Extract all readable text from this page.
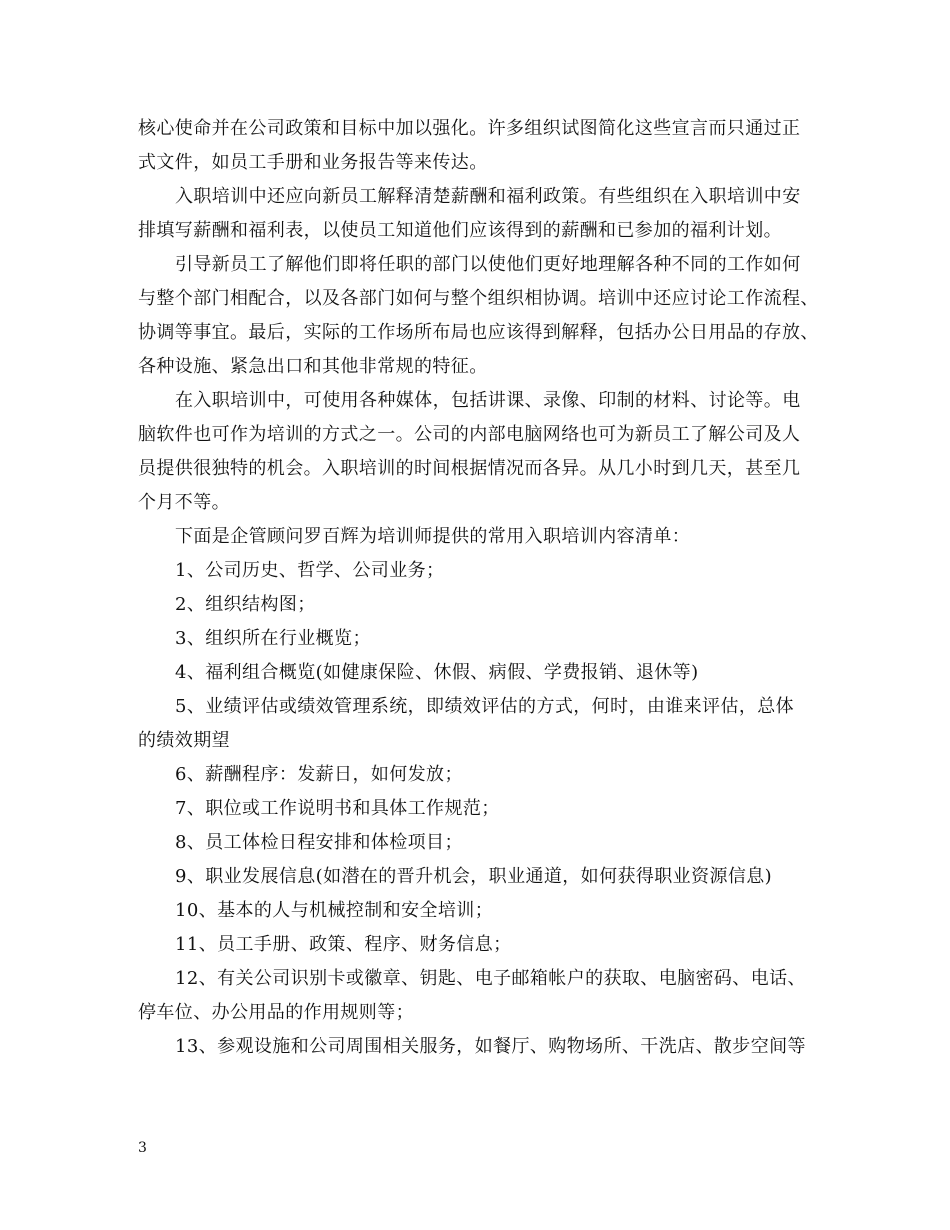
核心使命并在公司政策和目标中加以强化。许多组织试图简化这些宣言而只通过正
式文件，如员工手册和业务报告等来传达。
入职培训中还应向新员工解释清楚薪酬和福利政策。有些组织在入职培训中安
排填写薪酬和福利表，以使员工知道他们应该得到的薪酬和已参加的福利计划。
引导新员工了解他们即将任职的部门以使他们更好地理解各种不同的工作如何
与整个部门相配合，以及各部门如何与整个组织相协调。培训中还应讨论工作流程、
协调等事宜。最后，实际的工作场所布局也应该得到解释，包括办公日用品的存放、
各种设施、紧急出口和其他非常规的特征。
在入职培训中，可使用各种媒体，包括讲课、录像、印制的材料、讨论等。电
脑软件也可作为培训的方式之一。公司的内部电脑网络也可为新员工了解公司及人
员提供很独特的机会。入职培训的时间根据情况而各异。从几小时到几天，甚至几
个月不等。
下面是企管顾问罗百辉为培训师提供的常用入职培训内容清单：
1、公司历史、哲学、公司业务；
2、组织结构图；
3、组织所在行业概览；
4、福利组合概览(如健康保险、休假、病假、学费报销、退休等)
5、业绩评估或绩效管理系统，即绩效评估的方式，何时，由谁来评估，总体
的绩效期望
6、薪酬程序：发薪日，如何发放；
7、职位或工作说明书和具体工作规范；
8、员工体检日程安排和体检项目；
9、职业发展信息(如潜在的晋升机会，职业通道，如何获得职业资源信息)
10、基本的人与机械控制和安全培训；
11、员工手册、政策、程序、财务信息；
12、有关公司识别卡或徽章、钥匙、电子邮箱帐户的获取、电脑密码、电话、
停车位、办公用品的作用规则等；
13、参观设施和公司周围相关服务，如餐厅、购物场所、干洗店、散步空间等
3
